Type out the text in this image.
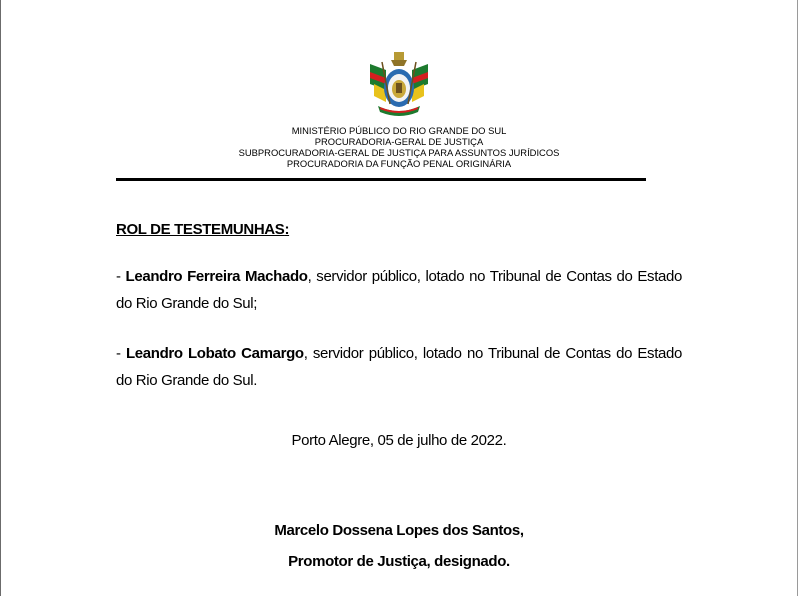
MINISTÉRIO PÚBLICO DO RIO GRANDE DO SUL
PROCURADORIA-GERAL DE JUSTIÇA
SUBPROCURADORIA-GERAL DE JUSTIÇA PARA ASSUNTOS JURÍDICOS
PROCURADORIA DA FUNÇÃO PENAL ORIGINÁRIA
ROL DE TESTEMUNHAS:
- Leandro Ferreira Machado, servidor público, lotado no Tribunal de Contas do Estado do Rio Grande do Sul;
- Leandro Lobato Camargo, servidor público, lotado no Tribunal de Contas do Estado do Rio Grande do Sul.
Porto Alegre, 05 de julho de 2022.
Marcelo Dossena Lopes dos Santos,
Promotor de Justiça, designado.
